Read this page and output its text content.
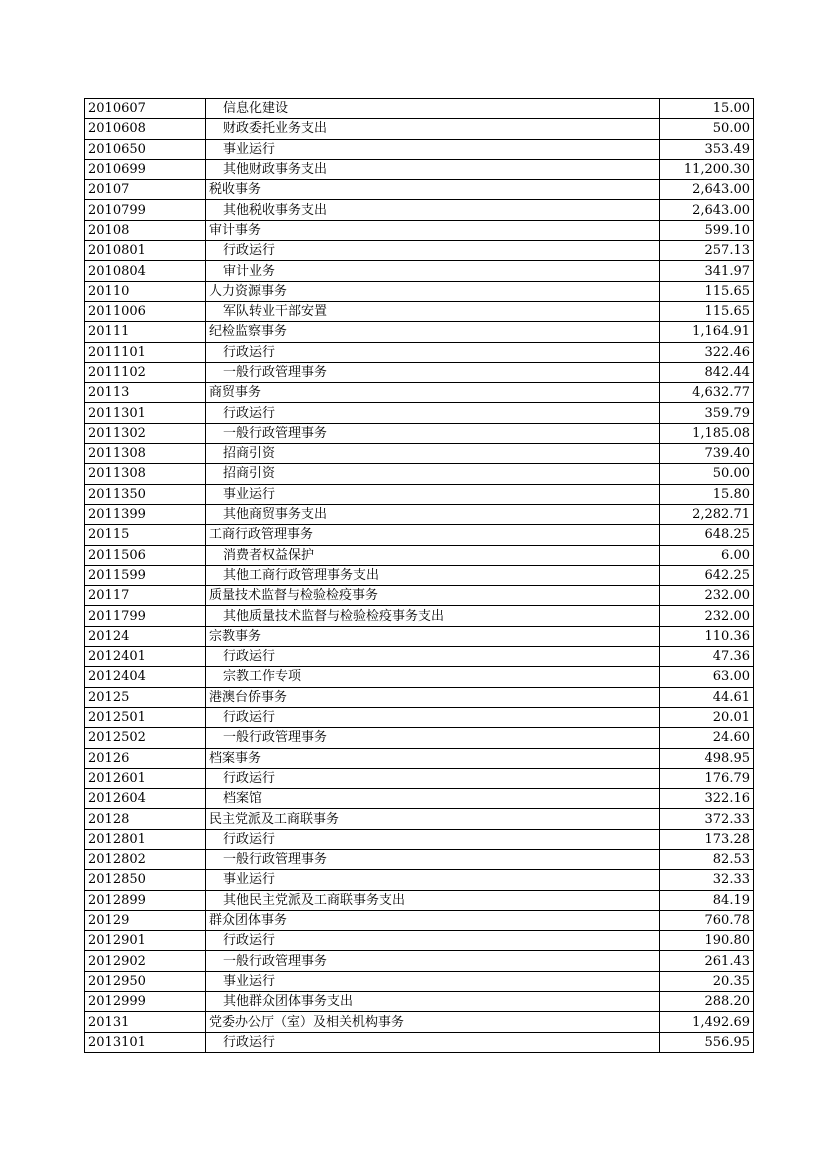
2010607	信息化建设	15.00
2010608	财政委托业务支出	50.00
2010650	事业运行	353.49
2010699	其他财政事务支出	11,200.30
20107	税收事务	2,643.00
2010799	其他税收事务支出	2,643.00
20108	审计事务	599.10
2010801	行政运行	257.13
2010804	审计业务	341.97
20110	人力资源事务	115.65
2011006	军队转业干部安置	115.65
20111	纪检监察事务	1,164.91
2011101	行政运行	322.46
2011102	一般行政管理事务	842.44
20113	商贸事务	4,632.77
2011301	行政运行	359.79
2011302	一般行政管理事务	1,185.08
2011308	招商引资	739.40
2011308	招商引资	50.00
2011350	事业运行	15.80
2011399	其他商贸事务支出	2,282.71
20115	工商行政管理事务	648.25
2011506	消费者权益保护	6.00
2011599	其他工商行政管理事务支出	642.25
20117	质量技术监督与检验检疫事务	232.00
2011799	其他质量技术监督与检验检疫事务支出	232.00
20124	宗教事务	110.36
2012401	行政运行	47.36
2012404	宗教工作专项	63.00
20125	港澳台侨事务	44.61
2012501	行政运行	20.01
2012502	一般行政管理事务	24.60
20126	档案事务	498.95
2012601	行政运行	176.79
2012604	档案馆	322.16
20128	民主党派及工商联事务	372.33
2012801	行政运行	173.28
2012802	一般行政管理事务	82.53
2012850	事业运行	32.33
2012899	其他民主党派及工商联事务支出	84.19
20129	群众团体事务	760.78
2012901	行政运行	190.80
2012902	一般行政管理事务	261.43
2012950	事业运行	20.35
2012999	其他群众团体事务支出	288.20
20131	党委办公厅（室）及相关机构事务	1,492.69
2013101	行政运行	556.95
